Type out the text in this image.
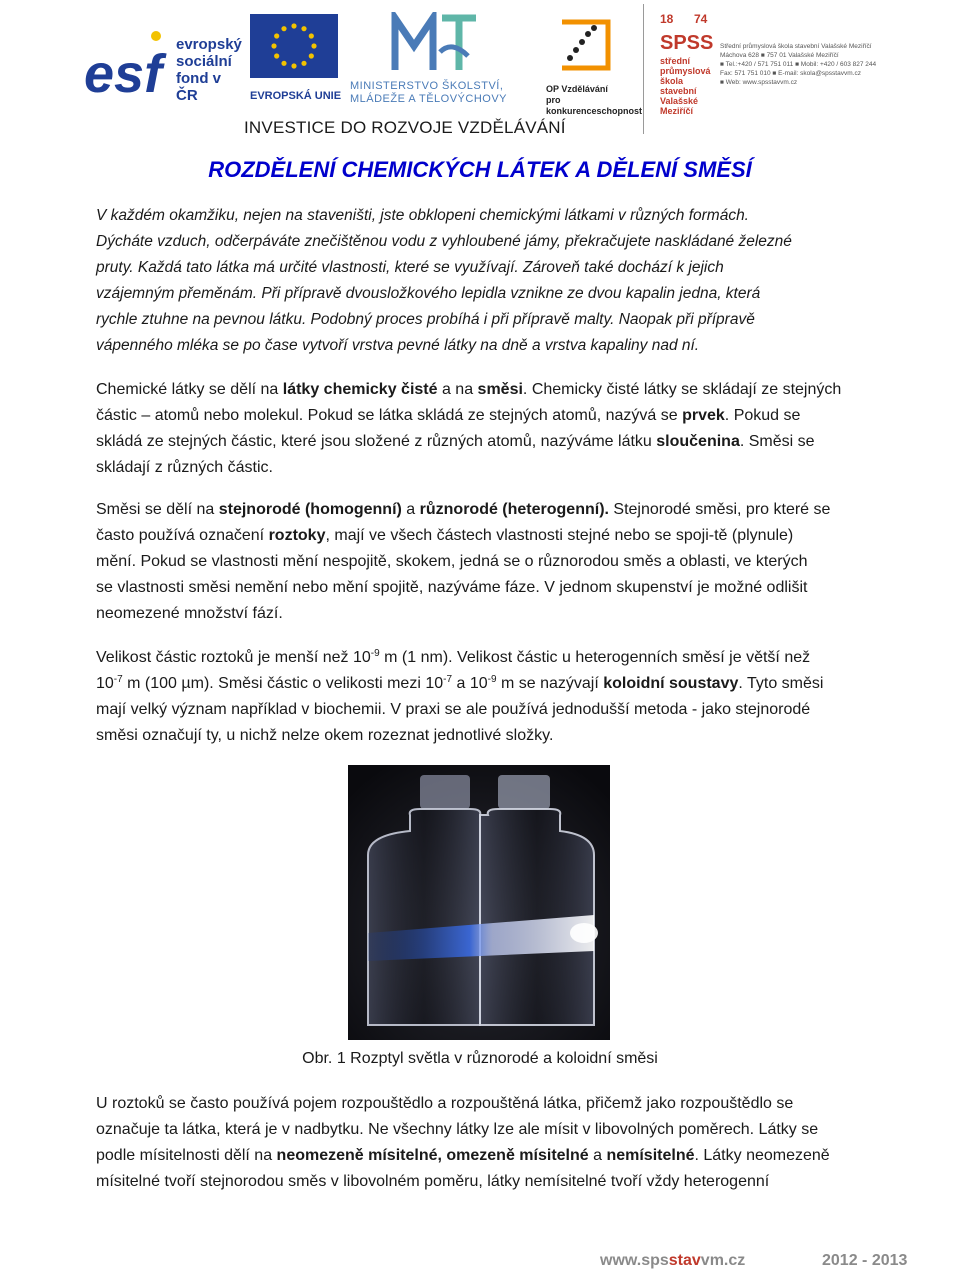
esf evropský
sociální
fond v ČR	EVROPSKÁ UNIE
MINISTERSTVO ŠKOLSTVÍ,
MLÁDEŽE A TĚLOVÝCHOVY
OP Vzdělávání
pro konkurenceschopnost
18 74
SPSS
střední průmyslová
škola stavební
Valašské Meziříčí
Střední průmyslová škola stavební Valašské Meziříčí
Máchova 628 ■ 757 01 Valašské Meziříčí
■ Tel.:+420 / 571 751 011 ■ Mobil: +420 / 603 827 244
Fax: 571 751 010 ■ E-mail: skola@spsstavvm.cz
■ Web: www.spsstavvm.cz
INVESTICE DO ROZVOJE VZDĚLÁVÁNÍ
ROZDĚLENÍ CHEMICKÝCH LÁTEK A DĚLENÍ SMĚSÍ
V každém okamžiku, nejen na staveništi, jste obklopeni chemickými látkami v různých formách.
Dýcháte vzduch, odčerpáváte znečištěnou vodu z vyhloubené jámy, překračujete naskládané železné
pruty. Každá tato látka má určité vlastnosti, které se využívají. Zároveň také dochází k jejich
vzájemným přeměnám. Při přípravě dvousložkového lepidla vznikne ze dvou kapalin jedna, která
rychle ztuhne na pevnou látku. Podobný proces probíhá i při přípravě malty. Naopak při přípravě
vápenného mléka se po čase vytvoří vrstva pevné látky na dně a vrstva kapaliny nad ní.
Chemické látky se dělí na látky chemicky čisté a na směsi. Chemicky čisté látky se skládají ze stejných
částic – atomů nebo molekul. Pokud se látka skládá ze stejných atomů, nazývá se prvek. Pokud se
skládá ze stejných částic, které jsou složené z různých atomů, nazýváme látku sloučenina. Směsi se
skládají z různých částic.
Směsi se dělí na stejnorodé (homogenní) a různorodé (heterogenní). Stejnorodé směsi, pro které se
často používá označení roztoky, mají ve všech částech vlastnosti stejné nebo se spoji-tě (plynule)
mění. Pokud se vlastnosti mění nespojitě, skokem, jedná se o různorodou směs a oblasti, ve kterých
se vlastnosti směsi nemění nebo mění spojitě, nazýváme fáze. V jednom skupenství je možné odlišit
neomezené množství fází.
Velikost částic roztoků je menší než $10^{-9}$ m (1 nm). Velikost částic u heterogenních směsí je větší než
$10^{-7}$ m (100 µm). Směsi částic o velikosti mezi $10^{-7}$ a $10^{-9}$ m se nazývají koloidní soustavy. Tyto směsi
mají velký význam například v biochemii. V praxi se ale používá jednodušší metoda - jako stejnorodé
směsi označují ty, u nichž nelze okem rozeznat jednotlivé složky.
Obr. 1 Rozptyl světla v různorodé a koloidní směsi
U roztoků se často používá pojem rozpouštědlo a rozpouštěná látka, přičemž jako rozpouštědlo se
označuje ta látka, která je v nadbytku. Ne všechny látky lze ale mísit v libovolných poměrech. Látky se
podle mísitelnosti dělí na neomezeně mísitelné, omezeně mísitelné a nemísitelné. Látky neomezeně
mísitelné tvoří stejnorodou směs v libovolném poměru, látky nemísitelné tvoří vždy heterogenní
www.spsstavvm.cz	2012 - 2013
